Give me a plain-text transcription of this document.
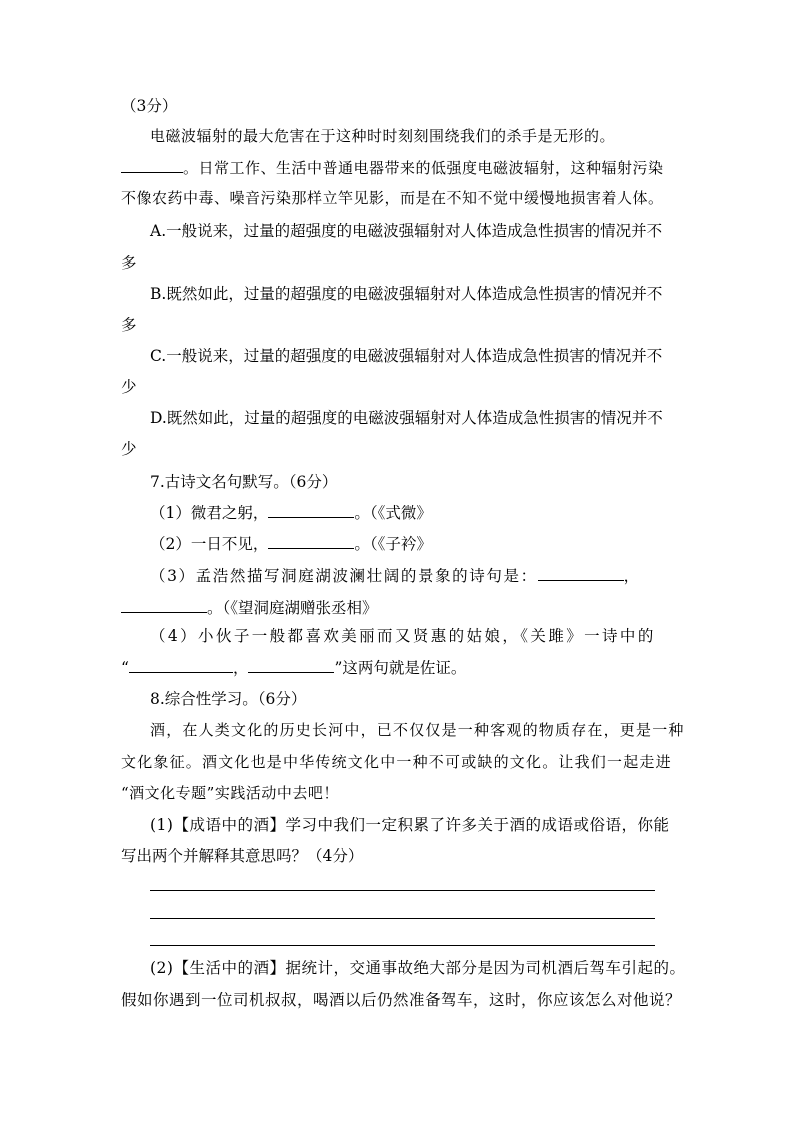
（3分）
电磁波辐射的最大危害在于这种时时刻刻围绕我们的杀手是无形的。
。日常工作、生活中普通电器带来的低强度电磁波辐射，这种辐射污染
不像农药中毒、噪音污染那样立竿见影，而是在不知不觉中缓慢地损害着人体。
A.一般说来，过量的超强度的电磁波强辐射对人体造成急性损害的情况并不
多
B.既然如此，过量的超强度的电磁波强辐射对人体造成急性损害的情况并不
多
C.一般说来，过量的超强度的电磁波强辐射对人体造成急性损害的情况并不
少
D.既然如此，过量的超强度的电磁波强辐射对人体造成急性损害的情况并不
少
7.古诗文名句默写。（6分）
（1）微君之躬，	。（《式微》
（2）一日不见，	。（《子衿》
（3）孟浩然描写洞庭湖波澜壮阔的景象的诗句是：	，
。（《望洞庭湖赠张丞相》
（4）小伙子一般都喜欢美丽而又贤惠的姑娘，《关雎》一诗中的
“	，	”这两句就是佐证。
8.综合性学习。（6分）
酒，在人类文化的历史长河中，已不仅仅是一种客观的物质存在，更是一种
文化象征。酒文化也是中华传统文化中一种不可或缺的文化。让我们一起走进
“酒文化专题”实践活动中去吧！
(1)【成语中的酒】学习中我们一定积累了许多关于酒的成语或俗语，你能
写出两个并解释其意思吗？（4分）
(2)【生活中的酒】据统计，交通事故绝大部分是因为司机酒后驾车引起的。
假如你遇到一位司机叔叔，喝酒以后仍然准备驾车，这时，你应该怎么对他说？
